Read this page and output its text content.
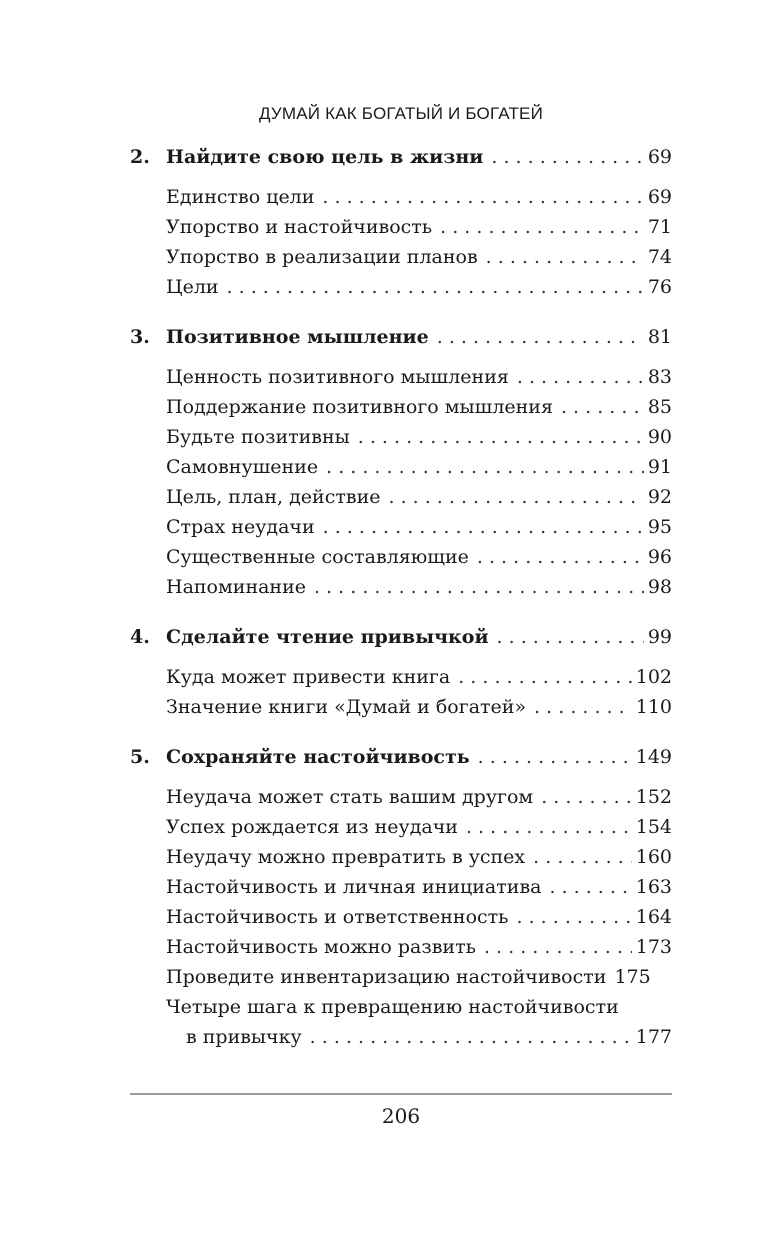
ДУМАЙ КАК БОГАТЫЙ И БОГАТЕЙ
2. Найдите свою цель в жизни . . .	69
Единство цели . . .	69
Упорство и настойчивость . . .	71
Упорство в реализации планов . . .	74
Цели . . .	76
3. Позитивное мышление . . .	81
Ценность позитивного мышления . . .	83
Поддержание позитивного мышления . . .	85
Будьте позитивны . . .	90
Самовнушение . . .	91
Цель, план, действие . . .	92
Страх неудачи . . .	95
Существенные составляющие . . .	96
Напоминание . . .	98
4. Сделайте чтение привычкой . . .	99
Куда может привести книга . . .	102
Значение книги «Думай и богатей» . . .	110
5. Сохраняйте настойчивость . . .	149
Неудача может стать вашим другом . . .	152
Успех рождается из неудачи . . .	154
Неудачу можно превратить в успех . . .	160
Настойчивость и личная инициатива . . .	163
Настойчивость и ответственность . . .	164
Настойчивость можно развить . . .	173
Проведите инвентаризацию настойчивости 175
Четыре шага к превращению настойчивости
в привычку . . .	177
206
